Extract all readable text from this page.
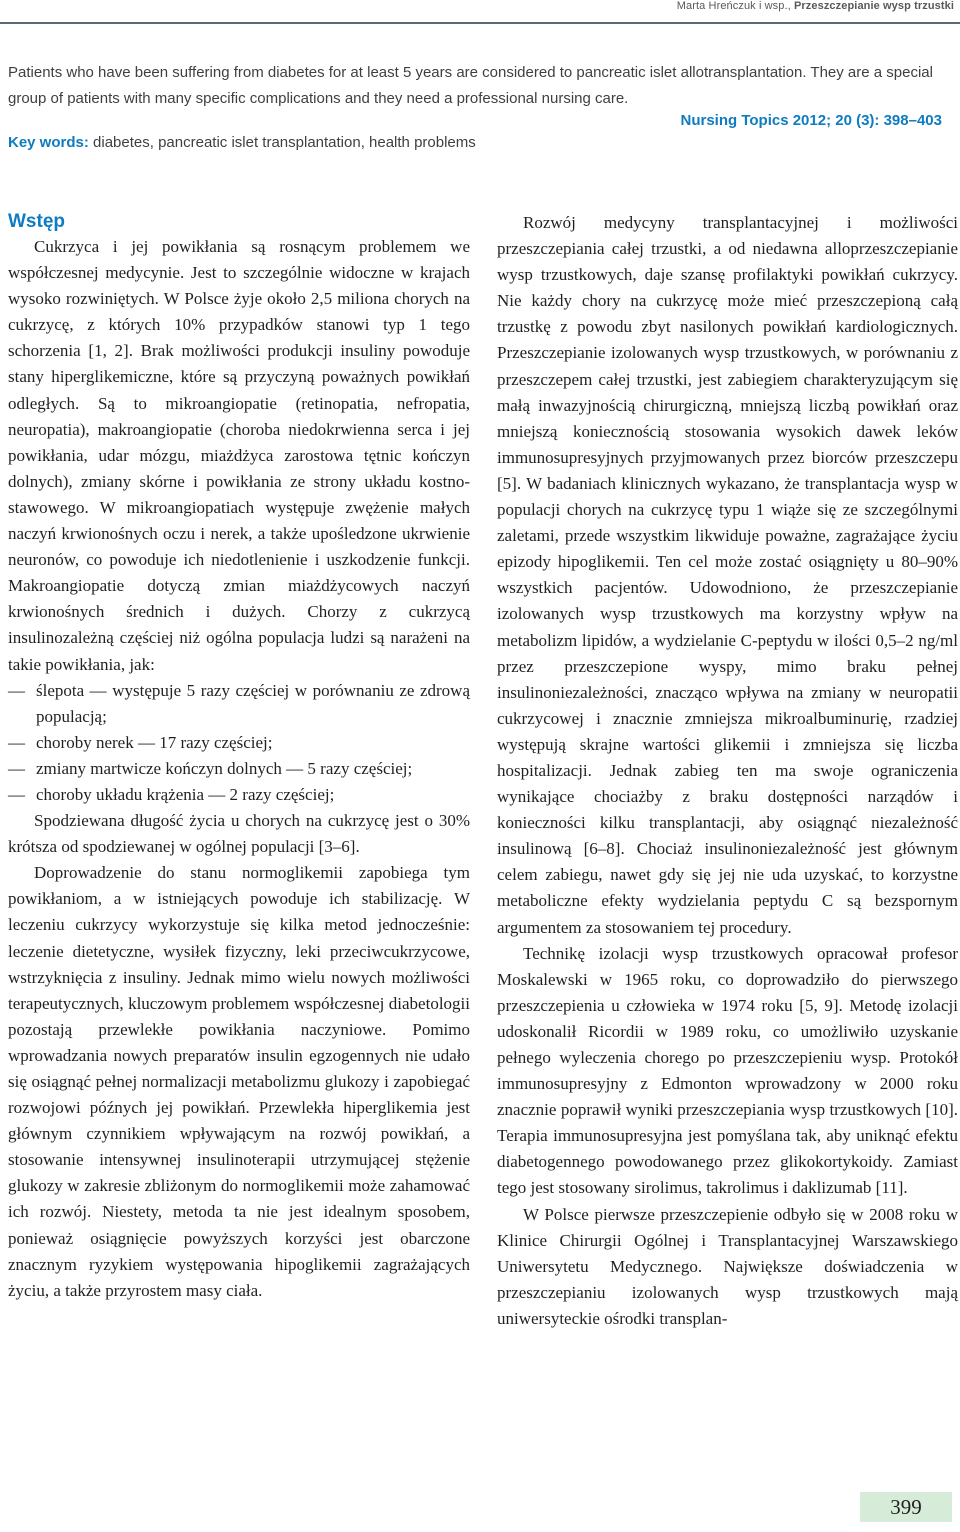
Marta Hreńczuk i wsp., Przeszczepianie wysp trzustki
Patients who have been suffering from diabetes for at least 5 years are considered to pancreatic islet allotransplantation. They are a special group of patients with many specific complications and they need a professional nursing care.
Nursing Topics 2012; 20 (3): 398–403
Key words: diabetes, pancreatic islet transplantation, health problems
Wstęp

Cukrzyca i jej powikłania są rosnącym problemem we współczesnej medycynie. Jest to szczególnie widoczne w krajach wysoko rozwiniętych. W Polsce żyje około 2,5 miliona chorych na cukrzycę, z których 10% przypadków stanowi typ 1 tego schorzenia [1, 2]. Brak możliwości produkcji insuliny powoduje stany hiperglikemiczne, które są przyczyną poważnych powikłań odległych. Są to mikroangiopatie (retinopatia, nefropatia, neuropatia), makroangiopatie (choroba niedokrwienna serca i jej powikłania, udar mózgu, miażdżyca zarostowa tętnic kończyn dolnych), zmiany skórne i powikłania ze strony układu kostno-stawowego. W mikroangiopatiach występuje zwężenie małych naczyń krwionośnych oczu i nerek, a także upośledzone ukrwienie neuronów, co powoduje ich niedotlenienie i uszkodzenie funkcji. Makroangiopatie dotyczą zmian miażdżycowych naczyń krwionośnych średnich i dużych. Chorzy z cukrzycą insulinozależną częściej niż ogólna populacja ludzi są narażeni na takie powikłania, jak:

— ślepota — występuje 5 razy częściej w porównaniu ze zdrową populacją;
— choroby nerek — 17 razy częściej;
— zmiany martwicze kończyn dolnych — 5 razy częściej;
— choroby układu krążenia — 2 razy częściej;

Spodziewana długość życia u chorych na cukrzycę jest o 30% krótsza od spodziewanej w ogólnej populacji [3–6].

Doprowadzenie do stanu normoglikemii zapobiega tym powikłaniom, a w istniejących powoduje ich stabilizację. W leczeniu cukrzycy wykorzystuje się kilka metod jednocześnie: leczenie dietetyczne, wysiłek fizyczny, leki przeciwcukrzycowe, wstrzyknięcia z insuliny. Jednak mimo wielu nowych możliwości terapeutycznych, kluczowym problemem współczesnej diabetologii pozostają przewlekłe powikłania naczyniowe. Pomimo wprowadzania nowych preparatów insulin egzogennych nie udało się osiągnąć pełnej normalizacji metabolizmu glukozy i zapobiegać rozwojowi późnych jej powikłań. Przewlekła hiperglikemia jest głównym czynnikiem wpływającym na rozwój powikłań, a stosowanie intensywnej insulinoterapii utrzymującej stężenie glukozy w zakresie zbliżonym do normoglikemii może zahamować ich rozwój. Niestety, metoda ta nie jest idealnym sposobem, ponieważ osiągnięcie powyższych korzyści jest obarczone znacznym ryzykiem występowania hipoglikemii zagrażających życiu, a także przyrostem masy ciała.

Rozwój medycyny transplantacyjnej i możliwości przeszczepiania całej trzustki, a od niedawna alloprzeszczepianie wysp trzustkowych, daje szansę profilaktyki powikłań cukrzycy. Nie każdy chory na cukrzycę może mieć przeszczepioną całą trzustkę z powodu zbyt nasilonych powikłań kardiologicznych. Przeszczepianie izolowanych wysp trzustkowych, w porównaniu z przeszczepem całej trzustki, jest zabiegiem charakteryzującym się małą inwazyjnością chirurgiczną, mniejszą liczbą powikłań oraz mniejszą koniecznością stosowania wysokich dawek leków immunosupresyjnych przyjmowanych przez biorców przeszczepu [5]. W badaniach klinicznych wykazano, że transplantacja wysp w populacji chorych na cukrzycę typu 1 wiąże się ze szczególnymi zaletami, przede wszystkim likwiduje poważne, zagrażające życiu epizody hipoglikemii. Ten cel może zostać osiągnięty u 80–90% wszystkich pacjentów. Udowodniono, że przeszczepianie izolowanych wysp trzustkowych ma korzystny wpływ na metabolizm lipidów, a wydzielanie C-peptydu w ilości 0,5–2 ng/ml przez przeszczepione wyspy, mimo braku pełnej insulinoniezależności, znacząco wpływa na zmiany w neuropatii cukrzycowej i znacznie zmniejsza mikroalbuminurię, rzadziej występują skrajne wartości glikemii i zmniejsza się liczba hospitalizacji. Jednak zabieg ten ma swoje ograniczenia wynikające chociażby z braku dostępności narządów i konieczności kilku transplantacji, aby osiągnąć niezależność insulinową [6–8]. Chociaż insulinoniezależność jest głównym celem zabiegu, nawet gdy się jej nie uda uzyskać, to korzystne metaboliczne efekty wydzielania peptydu C są bezspornym argumentem za stosowaniem tej procedury.

Technikę izolacji wysp trzustkowych opracował profesor Moskalewski w 1965 roku, co doprowadziło do pierwszego przeszczepienia u człowieka w 1974 roku [5, 9]. Metodę izolacji udoskonalił Ricordii w 1989 roku, co umożliwiło uzyskanie pełnego wyleczenia chorego po przeszczepieniu wysp. Protokół immunosupresyjny z Edmonton wprowadzony w 2000 roku znacznie poprawił wyniki przeszczepiania wysp trzustkowych [10]. Terapia immunosupresyjna jest pomyślana tak, aby uniknąć efektu diabetogennego powodowanego przez glikokortykoidy. Zamiast tego jest stosowany sirolimus, takrolimus i daklizumab [11].

W Polsce pierwsze przeszczepienie odbyło się w 2008 roku w Klinice Chirurgii Ogólnej i Transplantacyjnej Warszawskiego Uniwersytetu Medycznego. Największe doświadczenia w przeszczepianiu izolowanych wysp trzustkowych mają uniwersyteckie ośrodki transplan-

399
